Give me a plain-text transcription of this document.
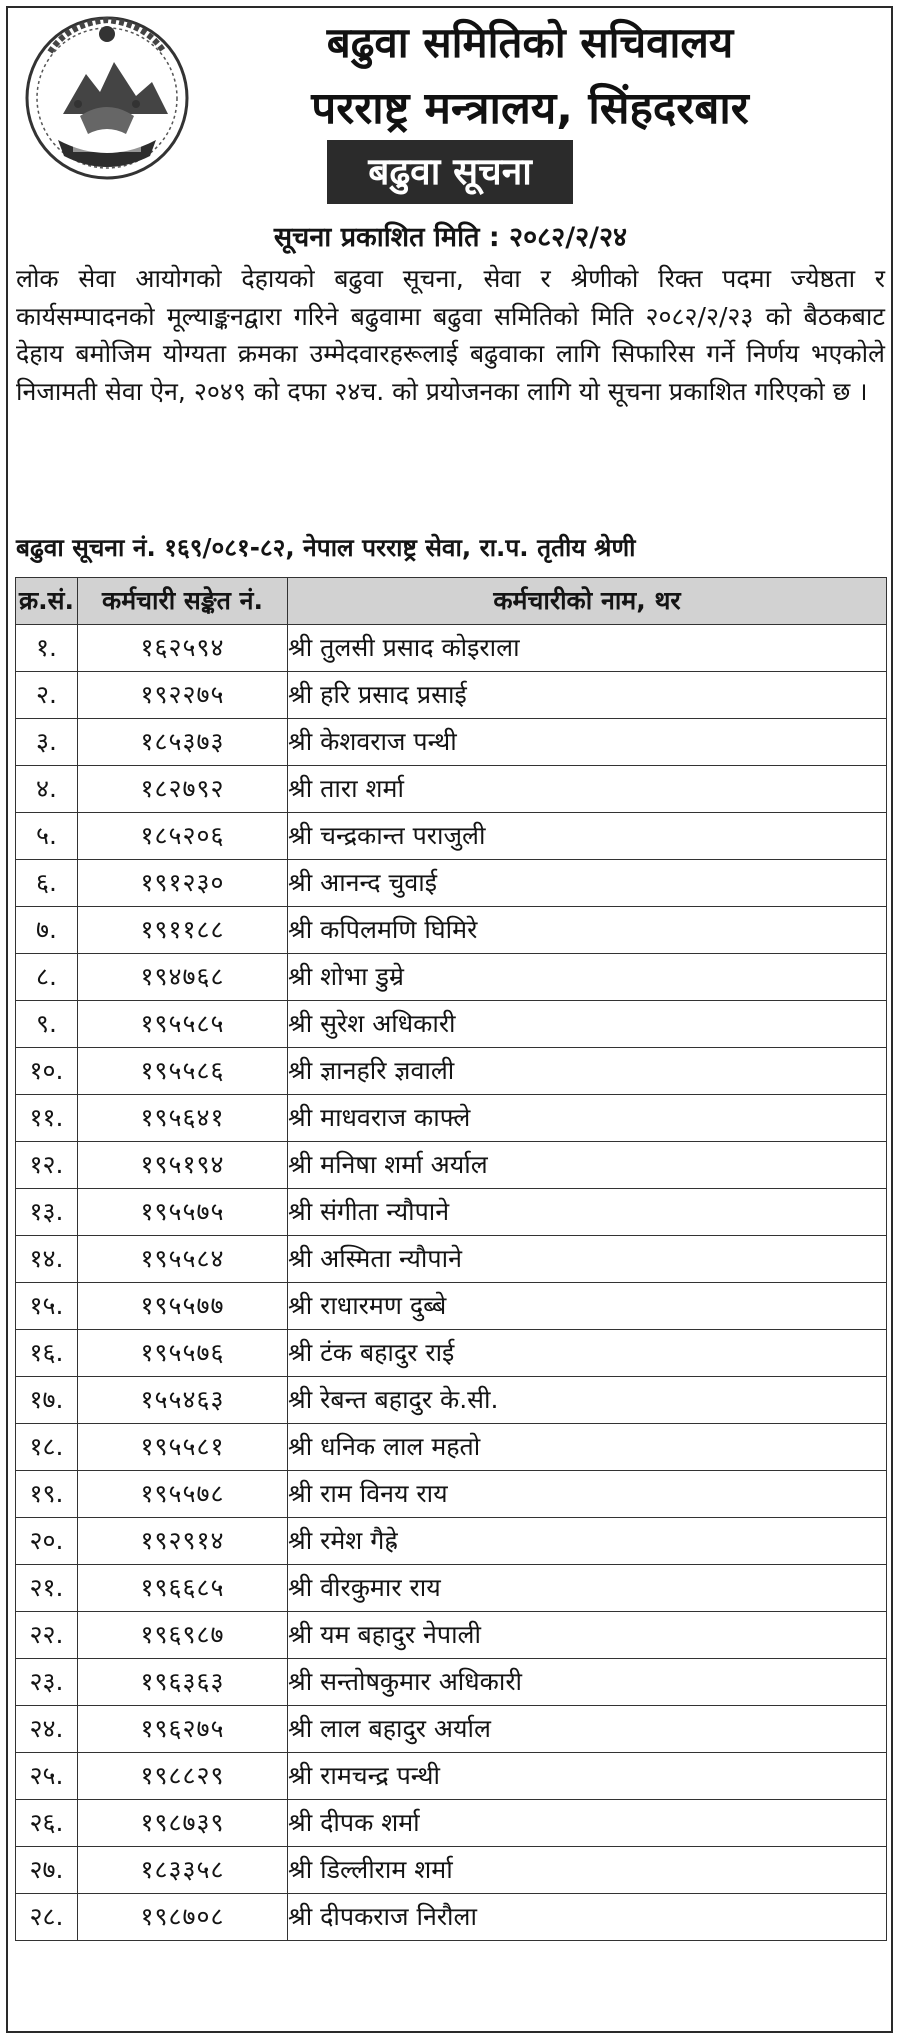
बढुवा समितिको सचिवालय
परराष्ट्र मन्त्रालय, सिंहदरबार
बढुवा सूचना
सूचना प्रकाशित मिति : २०८२/२/२४
लोक सेवा आयोगको देहायको बढुवा सूचना, सेवा र श्रेणीको रिक्त पदमा ज्येष्ठता र कार्यसम्पादनको मूल्याङ्कनद्वारा गरिने बढुवामा बढुवा समितिको मिति २०८२/२/२३ को बैठकबाट देहाय बमोजिम योग्यता क्रमका उम्मेदवारहरूलाई बढुवाका लागि सिफारिस गर्ने निर्णय भएकोले निजामती सेवा ऐन, २०४९ को दफा २४च. को प्रयोजनका लागि यो सूचना प्रकाशित गरिएको छ ।
बढुवा सूचना नं. १६९/०८१-८२, नेपाल परराष्ट्र सेवा, रा.प. तृतीय श्रेणी
क्र.सं.	कर्मचारी सङ्केत नं.	कर्मचारीको नाम, थर
१.	१६२५९४	श्री तुलसी प्रसाद कोइराला
२.	१९२२७५	श्री हरि प्रसाद प्रसाई
३.	१८५३७३	श्री केशवराज पन्थी
४.	१८२७९२	श्री तारा शर्मा
५.	१८५२०६	श्री चन्द्रकान्त पराजुली
६.	१९१२३०	श्री आनन्द चुवाई
७.	१९११८८	श्री कपिलमणि घिमिरे
८.	१९४७६८	श्री शोभा डुम्रे
९.	१९५५८५	श्री सुरेश अधिकारी
१०.	१९५५८६	श्री ज्ञानहरि ज्ञवाली
११.	१९५६४१	श्री माधवराज काफ्ले
१२.	१९५१९४	श्री मनिषा शर्मा अर्याल
१३.	१९५५७५	श्री संगीता न्यौपाने
१४.	१९५५८४	श्री अस्मिता न्यौपाने
१५.	१९५५७७	श्री राधारमण दुब्बे
१६.	१९५५७६	श्री टंक बहादुर राई
१७.	१५५४६३	श्री रेबन्त बहादुर के.सी.
१८.	१९५५८१	श्री धनिक लाल महतो
१९.	१९५५७८	श्री राम विनय राय
२०.	१९२९१४	श्री रमेश गैह्रे
२१.	१९६६८५	श्री वीरकुमार राय
२२.	१९६९८७	श्री यम बहादुर नेपाली
२३.	१९६३६३	श्री सन्तोषकुमार अधिकारी
२४.	१९६२७५	श्री लाल बहादुर अर्याल
२५.	१९८८२९	श्री रामचन्द्र पन्थी
२६.	१९८७३९	श्री दीपक शर्मा
२७.	१८३३५८	श्री डिल्लीराम शर्मा
२८.	१९८७०८	श्री दीपकराज निरौला
